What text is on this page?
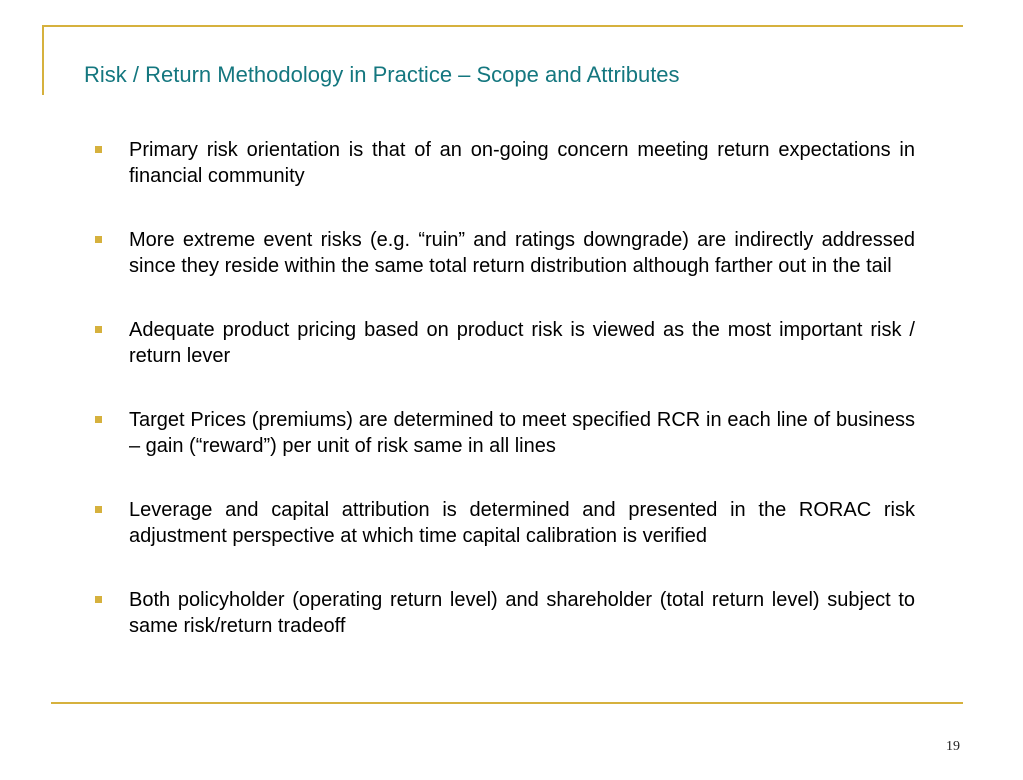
Risk / Return Methodology in Practice – Scope and Attributes
Primary risk orientation is that of an on-going concern meeting return expectations in financial community
More extreme event risks (e.g. “ruin” and ratings downgrade) are indirectly addressed since they reside within the same total return distribution although farther out in the tail
Adequate product pricing based on product risk is viewed as the most important risk / return lever
Target Prices (premiums) are determined to meet specified RCR in each line of business – gain (“reward”) per unit of risk same in all lines
Leverage and capital attribution is determined and presented in the RORAC risk adjustment perspective at which time capital calibration is verified
Both policyholder (operating return level) and shareholder (total return level) subject to same risk/return tradeoff
19
